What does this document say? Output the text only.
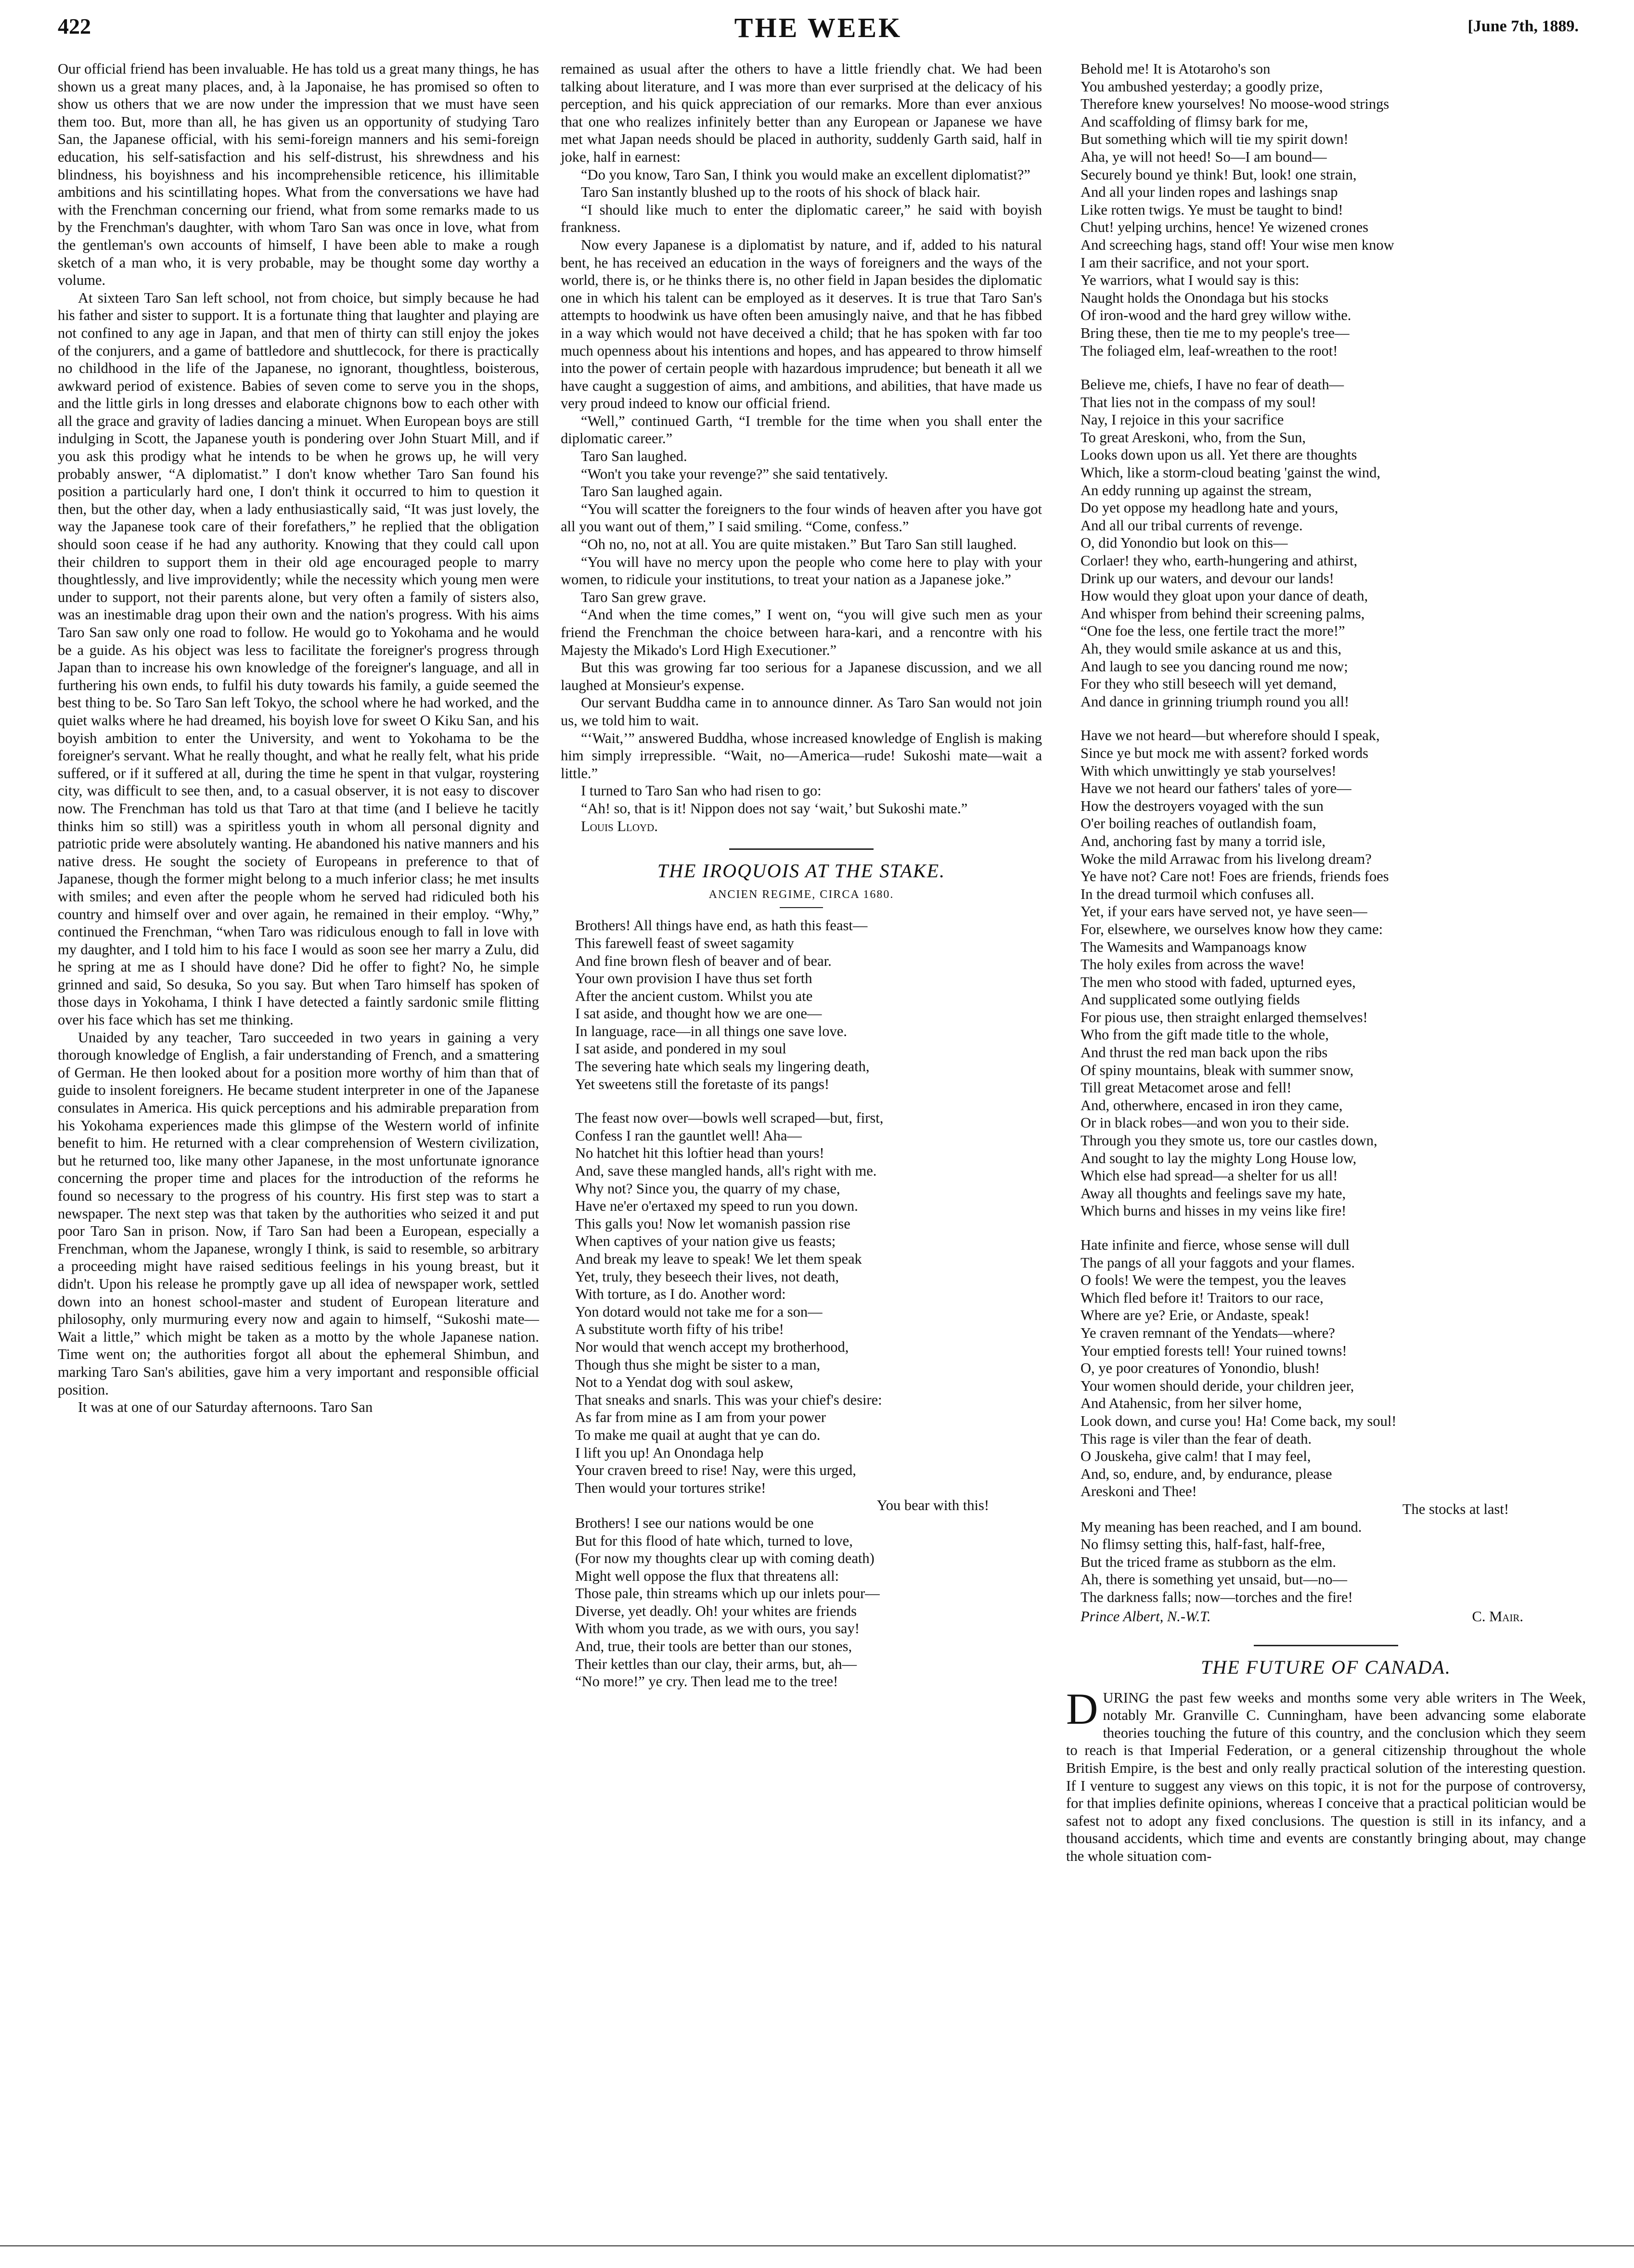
422	THE WEEK	[June 7th, 1889.

Our official friend has been invaluable. He has told us a great many things, he has shown us a great many places, and, à la Japonaise, he has promised so often to show us others that we are now under the impression that we must have seen them too. But, more than all, he has given us an opportunity of studying Taro San, the Japanese official, with his semi-foreign manners and his semi-foreign education, his self-satisfaction and his self-distrust, his shrewdness and his blindness, his boyishness and his incomprehensible reticence, his illimitable ambitions and his scintillating hopes. What from the conversations we have had with the Frenchman concerning our friend, what from some remarks made to us by the Frenchman's daughter, with whom Taro San was once in love, what from the gentleman's own accounts of himself, I have been able to make a rough sketch of a man who, it is very probable, may be thought some day worthy a volume.

At sixteen Taro San left school, not from choice, but simply because he had his father and sister to support. It is a fortunate thing that laughter and playing are not confined to any age in Japan, and that men of thirty can still enjoy the jokes of the conjurers, and a game of battledore and shuttlecock, for there is practically no childhood in the life of the Japanese, no ignorant, thoughtless, boisterous, awkward period of existence. Babies of seven come to serve you in the shops, and the little girls in long dresses and elaborate chignons bow to each other with all the grace and gravity of ladies dancing a minuet. When European boys are still indulging in Scott, the Japanese youth is pondering over John Stuart Mill, and if you ask this prodigy what he intends to be when he grows up, he will very probably answer, “A diplomatist.” I don't know whether Taro San found his position a particularly hard one, I don't think it occurred to him to question it then, but the other day, when a lady enthusiastically said, “It was just lovely, the way the Japanese took care of their forefathers,” he replied that the obligation should soon cease if he had any authority. Knowing that they could call upon their children to support them in their old age encouraged people to marry thoughtlessly, and live improvidently; while the necessity which young men were under to support, not their parents alone, but very often a family of sisters also, was an inestimable drag upon their own and the nation's progress. With his aims Taro San saw only one road to follow. He would go to Yokohama and he would be a guide. As his object was less to facilitate the foreigner's progress through Japan than to increase his own knowledge of the foreigner's language, and all in furthering his own ends, to fulfil his duty towards his family, a guide seemed the best thing to be. So Taro San left Tokyo, the school where he had worked, and the quiet walks where he had dreamed, his boyish love for sweet O Kiku San, and his boyish ambition to enter the University, and went to Yokohama to be the foreigner's servant. What he really thought, and what he really felt, what his pride suffered, or if it suffered at all, during the time he spent in that vulgar, roystering city, was difficult to see then, and, to a casual observer, it is not easy to discover now. The Frenchman has told us that Taro at that time (and I believe he tacitly thinks him so still) was a spiritless youth in whom all personal dignity and patriotic pride were absolutely wanting. He abandoned his native manners and his native dress. He sought the society of Europeans in preference to that of Japanese, though the former might belong to a much inferior class; he met insults with smiles; and even after the people whom he served had ridiculed both his country and himself over and over again, he remained in their employ. “Why,” continued the Frenchman, “when Taro was ridiculous enough to fall in love with my daughter, and I told him to his face I would as soon see her marry a Zulu, did he spring at me as I should have done? Did he offer to fight? No, he simple grinned and said, So desuka, So you say. But when Taro himself has spoken of those days in Yokohama, I think I have detected a faintly sardonic smile flitting over his face which has set me thinking.

Unaided by any teacher, Taro succeeded in two years in gaining a very thorough knowledge of English, a fair understanding of French, and a smattering of German. He then looked about for a position more worthy of him than that of guide to insolent foreigners. He became student interpreter in one of the Japanese consulates in America. His quick perceptions and his admirable preparation from his Yokohama experiences made this glimpse of the Western world of infinite benefit to him. He returned with a clear comprehension of Western civilization, but he returned too, like many other Japanese, in the most unfortunate ignorance concerning the proper time and places for the introduction of the reforms he found so necessary to the progress of his country. His first step was to start a newspaper. The next step was that taken by the authorities who seized it and put poor Taro San in prison. Now, if Taro San had been a European, especially a Frenchman, whom the Japanese, wrongly I think, is said to resemble, so arbitrary a proceeding might have raised seditious feelings in his young breast, but it didn't. Upon his release he promptly gave up all idea of newspaper work, settled down into an honest school-master and student of European literature and philosophy, only murmuring every now and again to himself, “Sukoshi mate—Wait a little,” which might be taken as a motto by the whole Japanese nation. Time went on; the authorities forgot all about the ephemeral Shimbun, and marking Taro San's abilities, gave him a very important and responsible official position.

It was at one of our Saturday afternoons. Taro San

remained as usual after the others to have a little friendly chat. We had been talking about literature, and I was more than ever surprised at the delicacy of his perception, and his quick appreciation of our remarks. More than ever anxious that one who realizes infinitely better than any European or Japanese we have met what Japan needs should be placed in authority, suddenly Garth said, half in joke, half in earnest:

“Do you know, Taro San, I think you would make an excellent diplomatist?”

Taro San instantly blushed up to the roots of his shock of black hair.

“I should like much to enter the diplomatic career,” he said with boyish frankness.

Now every Japanese is a diplomatist by nature, and if, added to his natural bent, he has received an education in the ways of foreigners and the ways of the world, there is, or he thinks there is, no other field in Japan besides the diplomatic one in which his talent can be employed as it deserves. It is true that Taro San's attempts to hoodwink us have often been amusingly naive, and that he has fibbed in a way which would not have deceived a child; that he has spoken with far too much openness about his intentions and hopes, and has appeared to throw himself into the power of certain people with hazardous imprudence; but beneath it all we have caught a suggestion of aims, and ambitions, and abilities, that have made us very proud indeed to know our official friend.

“Well,” continued Garth, “I tremble for the time when you shall enter the diplomatic career.”

Taro San laughed.

“Won't you take your revenge?” she said tentatively.

Taro San laughed again.

“You will scatter the foreigners to the four winds of heaven after you have got all you want out of them,” I said smiling. “Come, confess.”

“Oh no, no, not at all. You are quite mistaken.” But Taro San still laughed.

“You will have no mercy upon the people who come here to play with your women, to ridicule your institutions, to treat your nation as a Japanese joke.”

Taro San grew grave.

“And when the time comes,” I went on, “you will give such men as your friend the Frenchman the choice between hara-kari, and a rencontre with his Majesty the Mikado's Lord High Executioner.”

But this was growing far too serious for a Japanese discussion, and we all laughed at Monsieur's expense.

Our servant Buddha came in to announce dinner. As Taro San would not join us, we told him to wait.

“‘Wait,’” answered Buddha, whose increased knowledge of English is making him simply irrepressible. “Wait, no—America—rude! Sukoshi mate—wait a little.”

I turned to Taro San who had risen to go:

“Ah! so, that is it! Nippon does not say ‘wait,’ but Sukoshi mate.”

Louis Lloyd.

THE IROQUOIS AT THE STAKE.
ANCIEN REGIME, CIRCA 1680.
Brothers! All things have end, as hath this feast—
This farewell feast of sweet sagamity
And fine brown flesh of beaver and of bear.
Your own provision I have thus set forth
After the ancient custom. Whilst you ate
I sat aside, and thought how we are one—
In language, race—in all things one save love.
I sat aside, and pondered in my soul
The severing hate which seals my lingering death,
Yet sweetens still the foretaste of its pangs!
The feast now over—bowls well scraped—but, first,
Confess I ran the gauntlet well! Aha—
No hatchet hit this loftier head than yours!
And, save these mangled hands, all's right with me.
Why not? Since you, the quarry of my chase,
Have ne'er o'ertaxed my speed to run you down.
This galls you! Now let womanish passion rise
When captives of your nation give us feasts;
And break my leave to speak! We let them speak
Yet, truly, they beseech their lives, not death,
With torture, as I do. Another word:
Yon dotard would not take me for a son—
A substitute worth fifty of his tribe!
Nor would that wench accept my brotherhood,
Though thus she might be sister to a man,
Not to a Yendat dog with soul askew,
That sneaks and snarls. This was your chief's desire:
As far from mine as I am from your power
To make me quail at aught that ye can do.
I lift you up! An Onondaga help
Your craven breed to rise! Nay, were this urged,
Then would your tortures strike!
You bear with this!
Brothers! I see our nations would be one
But for this flood of hate which, turned to love,
(For now my thoughts clear up with coming death)
Might well oppose the flux that threatens all:
Those pale, thin streams which up our inlets pour—
Diverse, yet deadly. Oh! your whites are friends
With whom you trade, as we with ours, you say!
And, true, their tools are better than our stones,
Their kettles than our clay, their arms, but, ah—
“No more!” ye cry. Then lead me to the tree!
Behold me! It is Atotaroho's son
You ambushed yesterday; a goodly prize,
Therefore knew yourselves! No moose-wood strings
And scaffolding of flimsy bark for me,
But something which will tie my spirit down!
Aha, ye will not heed! So—I am bound—
Securely bound ye think! But, look! one strain,
And all your linden ropes and lashings snap
Like rotten twigs. Ye must be taught to bind!
Chut! yelping urchins, hence! Ye wizened crones
And screeching hags, stand off! Your wise men know
I am their sacrifice, and not your sport.
Ye warriors, what I would say is this:
Naught holds the Onondaga but his stocks
Of iron-wood and the hard grey willow withe.
Bring these, then tie me to my people's tree—
The foliaged elm, leaf-wreathen to the root!
Believe me, chiefs, I have no fear of death—
That lies not in the compass of my soul!
Nay, I rejoice in this your sacrifice
To great Areskoni, who, from the Sun,
Looks down upon us all. Yet there are thoughts
Which, like a storm-cloud beating 'gainst the wind,
An eddy running up against the stream,
Do yet oppose my headlong hate and yours,
And all our tribal currents of revenge.
O, did Yonondio but look on this—
Corlaer! they who, earth-hungering and athirst,
Drink up our waters, and devour our lands!
How would they gloat upon your dance of death,
And whisper from behind their screening palms,
“One foe the less, one fertile tract the more!”
Ah, they would smile askance at us and this,
And laugh to see you dancing round me now;
For they who still beseech will yet demand,
And dance in grinning triumph round you all!
Have we not heard—but wherefore should I speak,
Since ye but mock me with assent? forked words
With which unwittingly ye stab yourselves!
Have we not heard our fathers' tales of yore—
How the destroyers voyaged with the sun
O'er boiling reaches of outlandish foam,
And, anchoring fast by many a torrid isle,
Woke the mild Arrawac from his livelong dream?
Ye have not? Care not! Foes are friends, friends foes
In the dread turmoil which confuses all.
Yet, if your ears have served not, ye have seen—
For, elsewhere, we ourselves know how they came:
The Wamesits and Wampanoags know
The holy exiles from across the wave!
The men who stood with faded, upturned eyes,
And supplicated some outlying fields
For pious use, then straight enlarged themselves!
Who from the gift made title to the whole,
And thrust the red man back upon the ribs
Of spiny mountains, bleak with summer snow,
Till great Metacomet arose and fell!
And, otherwhere, encased in iron they came,
Or in black robes—and won you to their side.
Through you they smote us, tore our castles down,
And sought to lay the mighty Long House low,
Which else had spread—a shelter for us all!
Away all thoughts and feelings save my hate,
Which burns and hisses in my veins like fire!
Hate infinite and fierce, whose sense will dull
The pangs of all your faggots and your flames.
O fools! We were the tempest, you the leaves
Which fled before it! Traitors to our race,
Where are ye? Erie, or Andaste, speak!
Ye craven remnant of the Yendats—where?
Your emptied forests tell! Your ruined towns!
O, ye poor creatures of Yonondio, blush!
Your women should deride, your children jeer,
And Atahensic, from her silver home,
Look down, and curse you! Ha! Come back, my soul!
This rage is viler than the fear of death.
O Jouskeha, give calm! that I may feel,
And, so, endure, and, by endurance, please
Areskoni and Thee!
The stocks at last!
My meaning has been reached, and I am bound.
No flimsy setting this, half-fast, half-free,
But the triced frame as stubborn as the elm.
Ah, there is something yet unsaid, but—no—
The darkness falls; now—torches and the fire!
Prince Albert, N.-W.T.	C. Mair.
THE FUTURE OF CANADA.

DURING the past few weeks and months some very able writers in The Week, notably Mr. Granville C. Cunningham, have been advancing some elaborate theories touching the future of this country, and the conclusion which they seem to reach is that Imperial Federation, or a general citizenship throughout the whole British Empire, is the best and only really practical solution of the interesting question. If I venture to suggest any views on this topic, it is not for the purpose of controversy, for that implies definite opinions, whereas I conceive that a practical politician would be safest not to adopt any fixed conclusions. The question is still in its infancy, and a thousand accidents, which time and events are constantly bringing about, may change the whole situation com-
